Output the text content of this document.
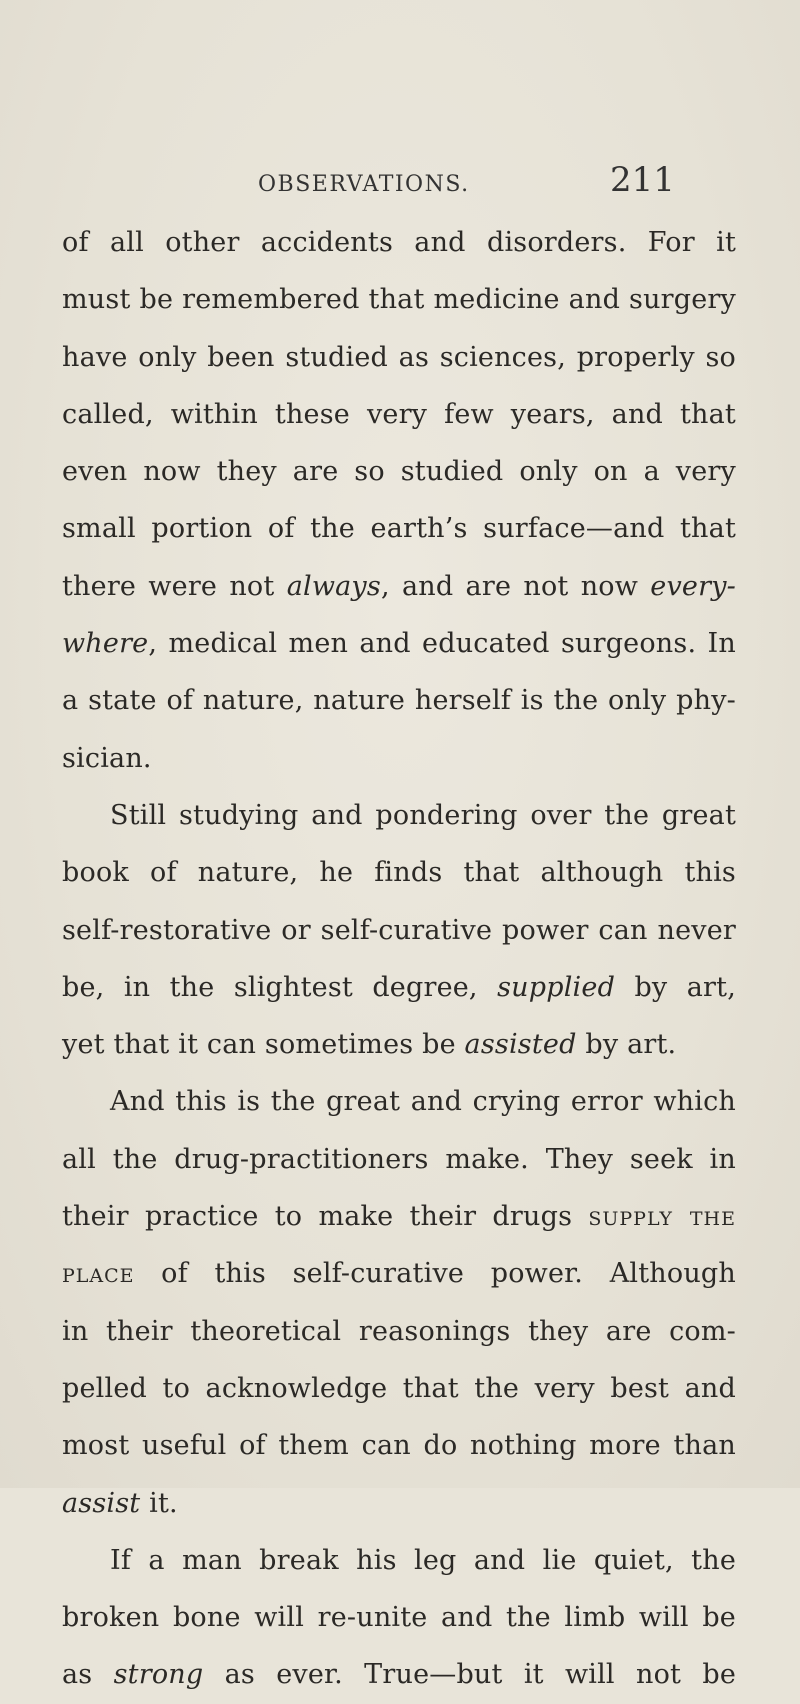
OBSERVATIONS.	211
of all other accidents and disorders. For it
must be remembered that medicine and surgery
have only been studied as sciences, properly so
called, within these very few years, and that
even now they are so studied only on a very
small portion of the earth’s surface—and that
there were not always, and are not now every-
where, medical men and educated surgeons. In
a state of nature, nature herself is the only phy-
sician.
Still studying and pondering over the great
book of nature, he finds that although this
self-restorative or self-curative power can never
be, in the slightest degree, supplied by art,
yet that it can sometimes be assisted by art.
And this is the great and crying error which
all the drug-practitioners make. They seek in
their practice to make their drugs supply the
place of this self-curative power. Although
in their theoretical reasonings they are com-
pelled to acknowledge that the very best and
most useful of them can do nothing more than
assist it.
If a man break his leg and lie quiet, the
broken bone will re-unite and the limb will be
as strong as ever. True—but it will not be
